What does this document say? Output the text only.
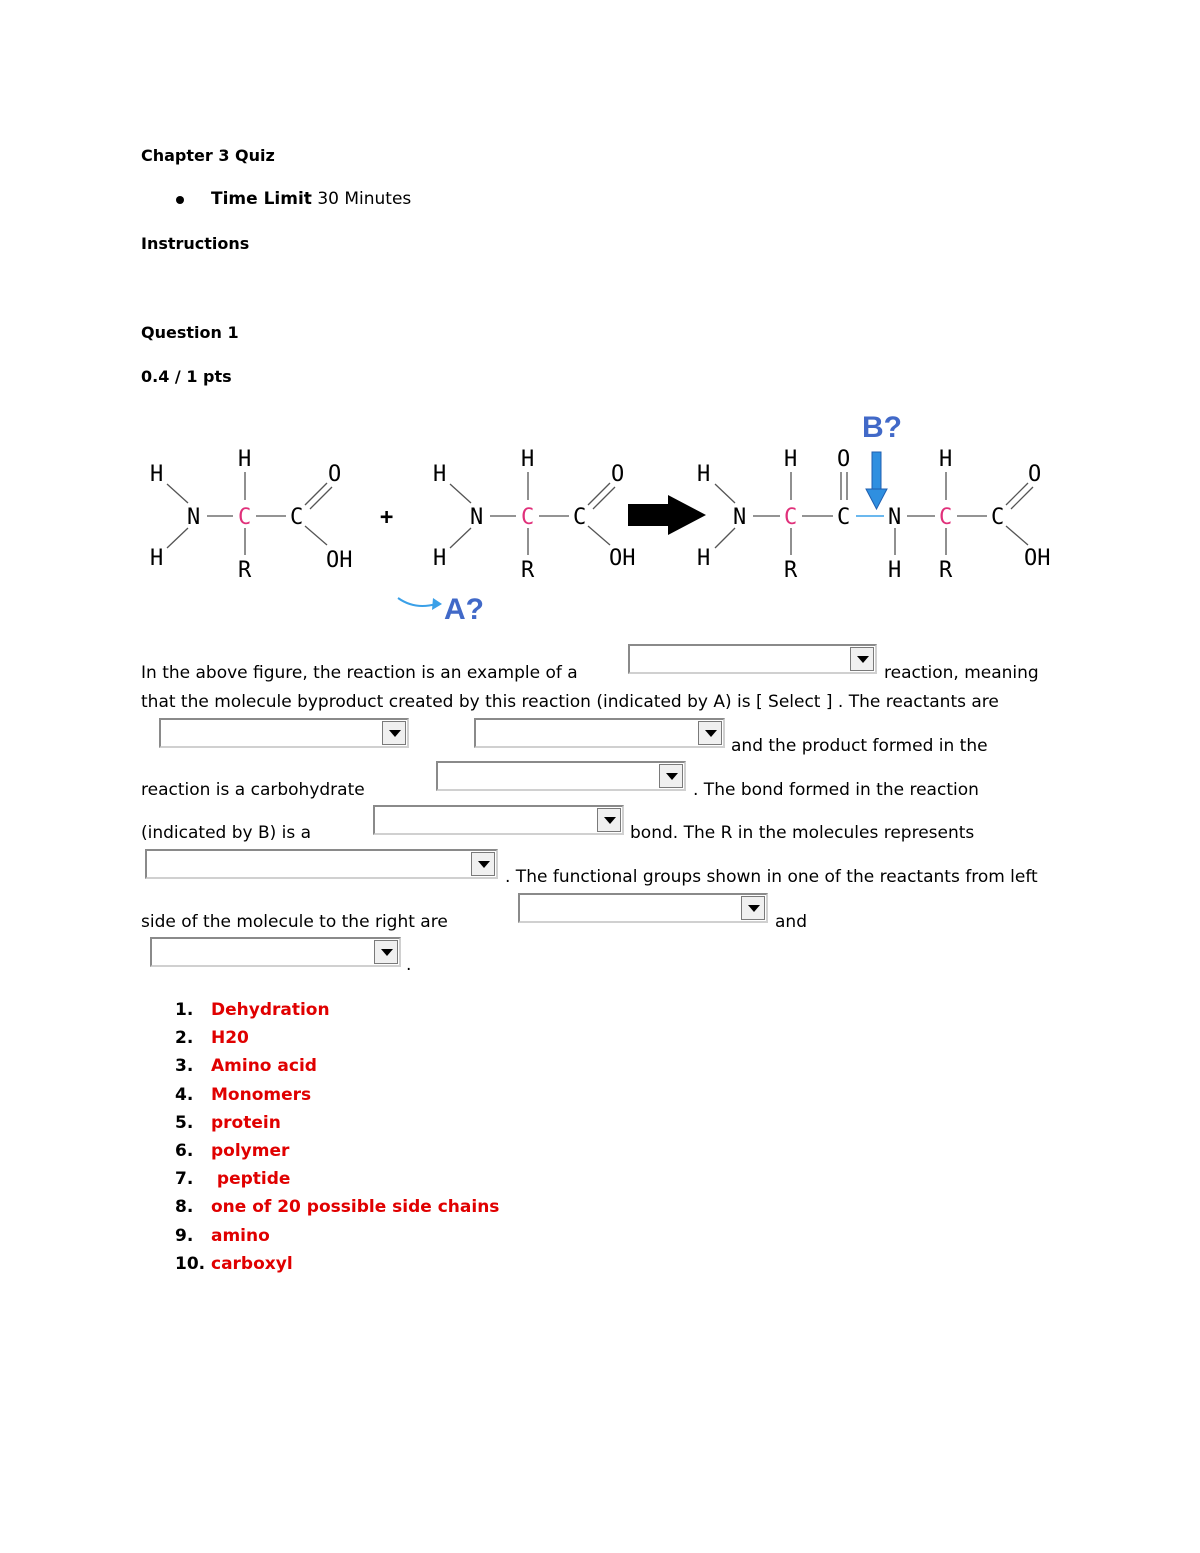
Chapter 3 Quiz
Time Limit 30 Minutes
Instructions
Question 1
0.4 / 1 pts
H
H
N
H
C
R
C
O
OH
+
H
H
N
H
C
R
C
O
OH
H
H
N
H
C
R
O
C N
H
H
C
R
C
O
OH
B?
A?
In the above figure, the reaction is an example of a	reaction, meaning
that the molecule byproduct created by this reaction (indicated by A) is [ Select ] . The reactants are
and the product formed in the
reaction is a carbohydrate	. The bond formed in the reaction
(indicated by B) is a	bond. The R in the molecules represents
. The functional groups shown in one of the reactants from left
side of the molecule to the right are	and
.
1. Dehydration
2. H20
3. Amino acid
4. Monomers
5. protein
6. polymer
7. peptide
8. one of 20 possible side chains
9. amino
10. carboxyl
